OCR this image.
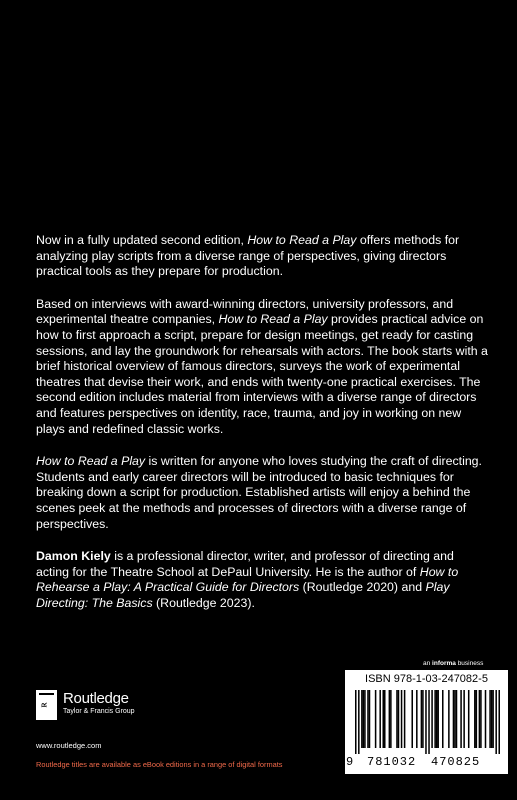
Now in a fully updated second edition, How to Read a Play offers methods for analyzing play scripts from a diverse range of perspectives, giving directors practical tools as they prepare for production.

Based on interviews with award-winning directors, university professors, and experimental theatre companies, How to Read a Play provides practical advice on how to first approach a script, prepare for design meetings, get ready for casting sessions, and lay the groundwork for rehearsals with actors. The book starts with a brief historical overview of famous directors, surveys the work of experimental theatres that devise their work, and ends with twenty-one practical exercises. The second edition includes material from interviews with a diverse range of directors and features perspectives on identity, race, trauma, and joy in working on new plays and redefined classic works.

How to Read a Play is written for anyone who loves studying the craft of directing. Students and early career directors will be introduced to basic techniques for breaking down a script for production. Established artists will enjoy a behind the scenes peek at the methods and processes of directors with a diverse range of perspectives.

Damon Kiely is a professional director, writer, and professor of directing and acting for the Theatre School at DePaul University. He is the author of How to Rehearse a Play: A Practical Guide for Directors (Routledge 2020) and Play Directing: The Basics (Routledge 2023).

an informa business
ISBN 978-1-03-247082-5
9 781032 470825
R Routledge
Taylor & Francis Group
www.routledge.com
Routledge titles are available as eBook editions in a range of digital formats
